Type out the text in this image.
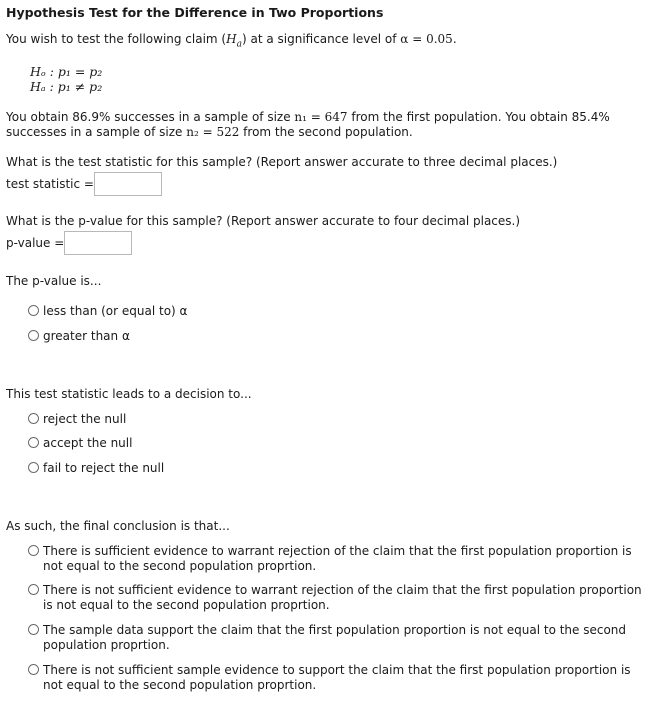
Hypothesis Test for the Difference in Two Proportions
You wish to test the following claim $(H_a)$ at a significance level of α = 0.05.
Hₒ : p₁ = p₂
Hₐ : p₁ ≠ p₂
You obtain 86.9% successes in a sample of size n₁ = 647 from the first population. You obtain 85.4%
successes in a sample of size n₂ = 522 from the second population.
What is the test statistic for this sample? (Report answer accurate to three decimal places.)
test statistic =
What is the p-value for this sample? (Report answer accurate to four decimal places.)
p-value =
The p-value is...
less than (or equal to) α
greater than α
This test statistic leads to a decision to...
reject the null
accept the null
fail to reject the null
As such, the final conclusion is that...
There is sufficient evidence to warrant rejection of the claim that the first population proportion is
not equal to the second population proprtion.
There is not sufficient evidence to warrant rejection of the claim that the first population proportion
is not equal to the second population proprtion.
The sample data support the claim that the first population proportion is not equal to the second
population proprtion.
There is not sufficient sample evidence to support the claim that the first population proportion is
not equal to the second population proprtion.
